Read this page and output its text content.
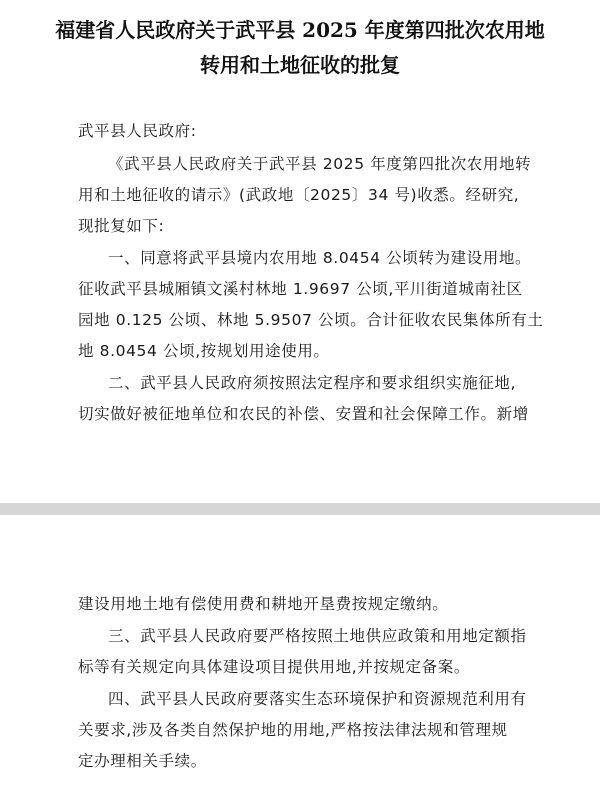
福建省人民政府关于武平县 2025 年度第四批次农用地
转用和土地征收的批复
武平县人民政府:
《武平县人民政府关于武平县 2025 年度第四批次农用地转
用和土地征收的请示》(武政地〔2025〕34 号)收悉。经研究,
现批复如下:
一、同意将武平县境内农用地 8.0454 公顷转为建设用地。
征收武平县城厢镇文溪村林地 1.9697 公顷,平川街道城南社区
园地 0.125 公顷、林地 5.9507 公顷。合计征收农民集体所有土
地 8.0454 公顷,按规划用途使用。
二、武平县人民政府须按照法定程序和要求组织实施征地,
切实做好被征地单位和农民的补偿、安置和社会保障工作。新增
建设用地土地有偿使用费和耕地开垦费按规定缴纳。
三、武平县人民政府要严格按照土地供应政策和用地定额指
标等有关规定向具体建设项目提供用地,并按规定备案。
四、武平县人民政府要落实生态环境保护和资源规范利用有
关要求,涉及各类自然保护地的用地,严格按法律法规和管理规
定办理相关手续。
